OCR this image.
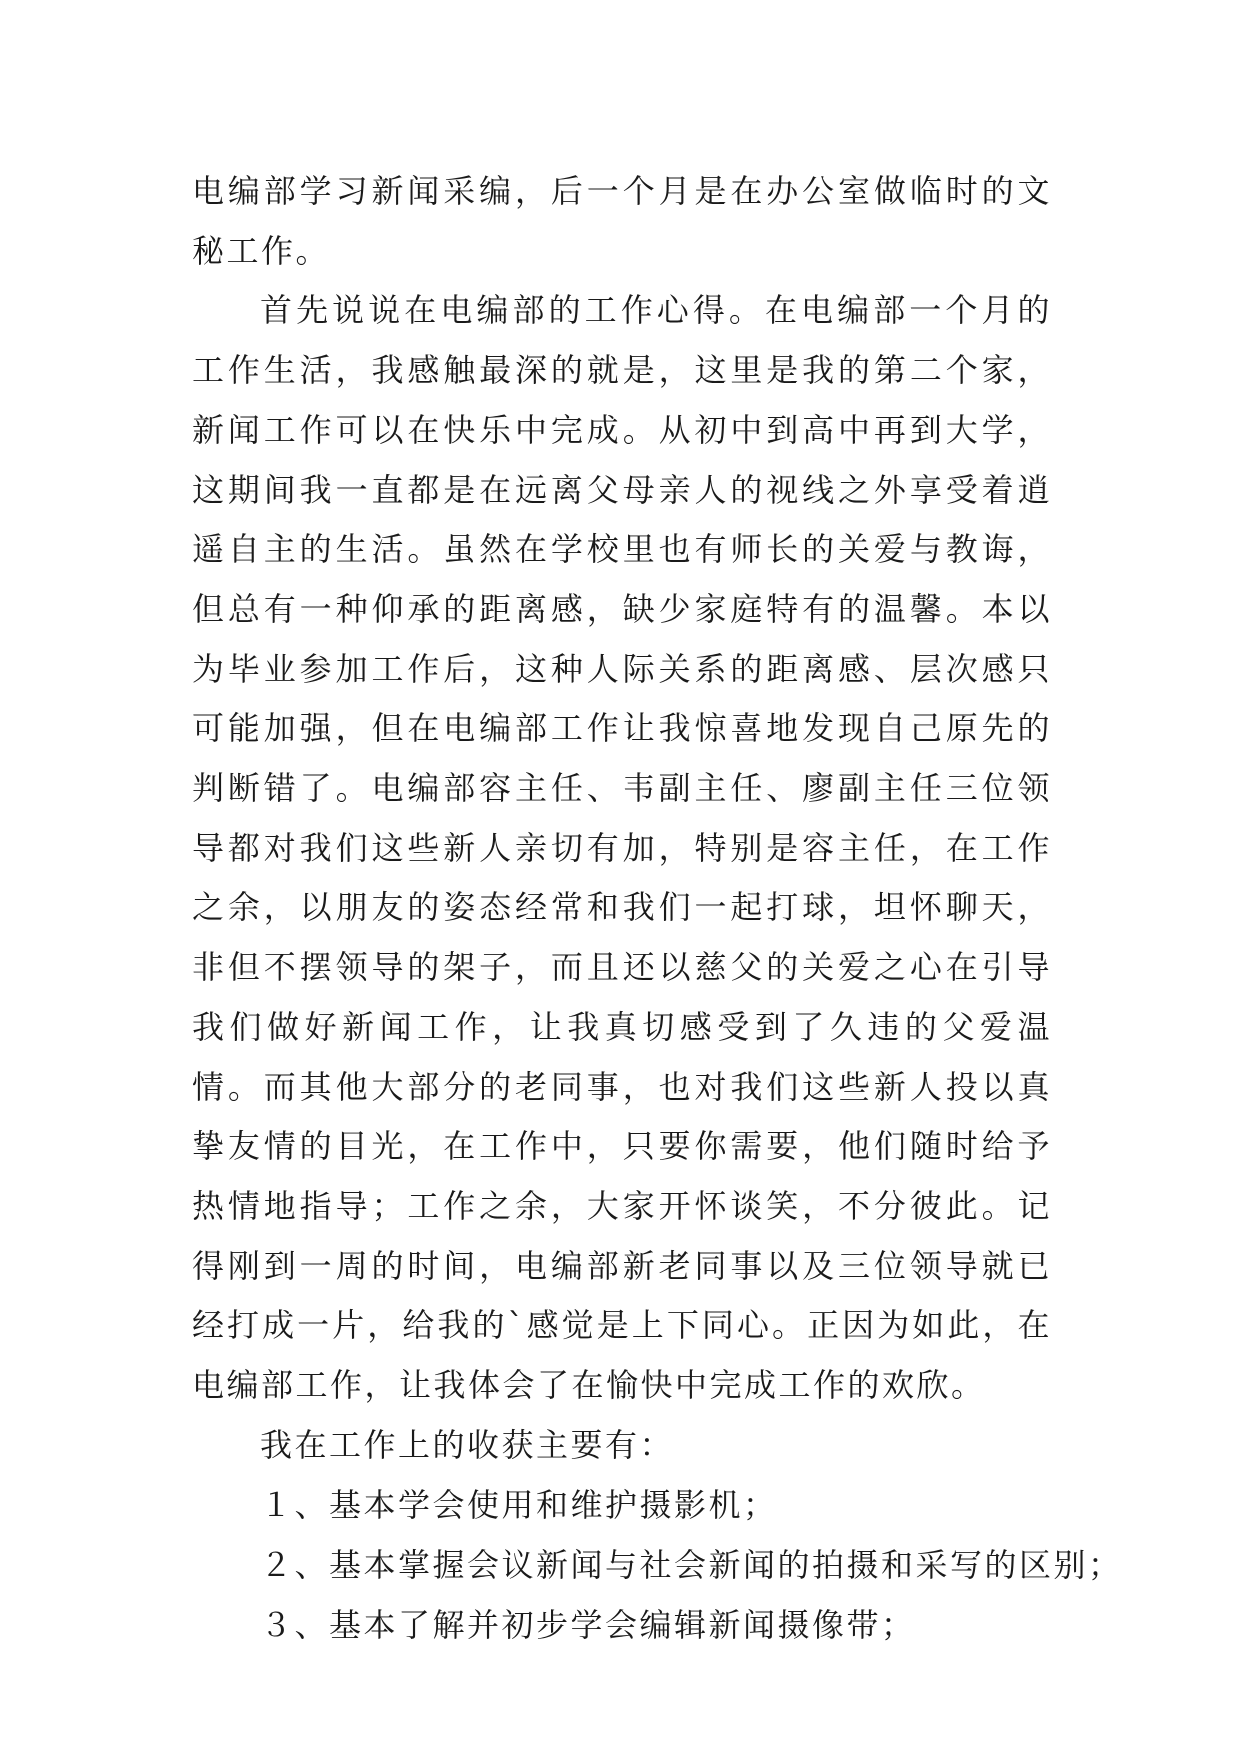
电编部学习新闻采编，后一个月是在办公室做临时的文秘工作。

首先说说在电编部的工作心得。在电编部一个月的工作生活，我感触最深的就是，这里是我的第二个家，新闻工作可以在快乐中完成。从初中到高中再到大学，这期间我一直都是在远离父母亲人的视线之外享受着逍遥自主的生活。虽然在学校里也有师长的关爱与教诲，但总有一种仰承的距离感，缺少家庭特有的温馨。本以为毕业参加工作后，这种人际关系的距离感、层次感只可能加强，但在电编部工作让我惊喜地发现自己原先的判断错了。电编部容主任、韦副主任、廖副主任三位领导都对我们这些新人亲切有加，特别是容主任，在工作之余，以朋友的姿态经常和我们一起打球，坦怀聊天，非但不摆领导的架子，而且还以慈父的关爱之心在引导我们做好新闻工作，让我真切感受到了久违的父爱温情。而其他大部分的老同事，也对我们这些新人投以真挚友情的目光，在工作中，只要你需要，他们随时给予热情地指导；工作之余，大家开怀谈笑，不分彼此。记得刚到一周的时间，电编部新老同事以及三位领导就已经打成一片，给我的`感觉是上下同心。正因为如此，在电编部工作，让我体会了在愉快中完成工作的欢欣。

我在工作上的收获主要有：

１、基本学会使用和维护摄影机；

２、基本掌握会议新闻与社会新闻的拍摄和采写的区别；

３、基本了解并初步学会编辑新闻摄像带；
